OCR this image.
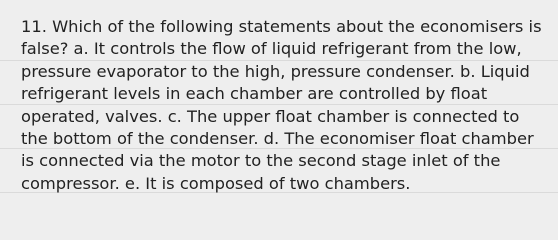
11. Which of the following statements about the economisers is false? a. It controls the flow of liquid refrigerant from the low, pressure evaporator to the high, pressure condenser. b. Liquid refrigerant levels in each chamber are controlled by float operated, valves. c. The upper float chamber is connected to the bottom of the condenser. d. The economiser float chamber is connected via the motor to the second stage inlet of the compressor. e. It is composed of two chambers.
